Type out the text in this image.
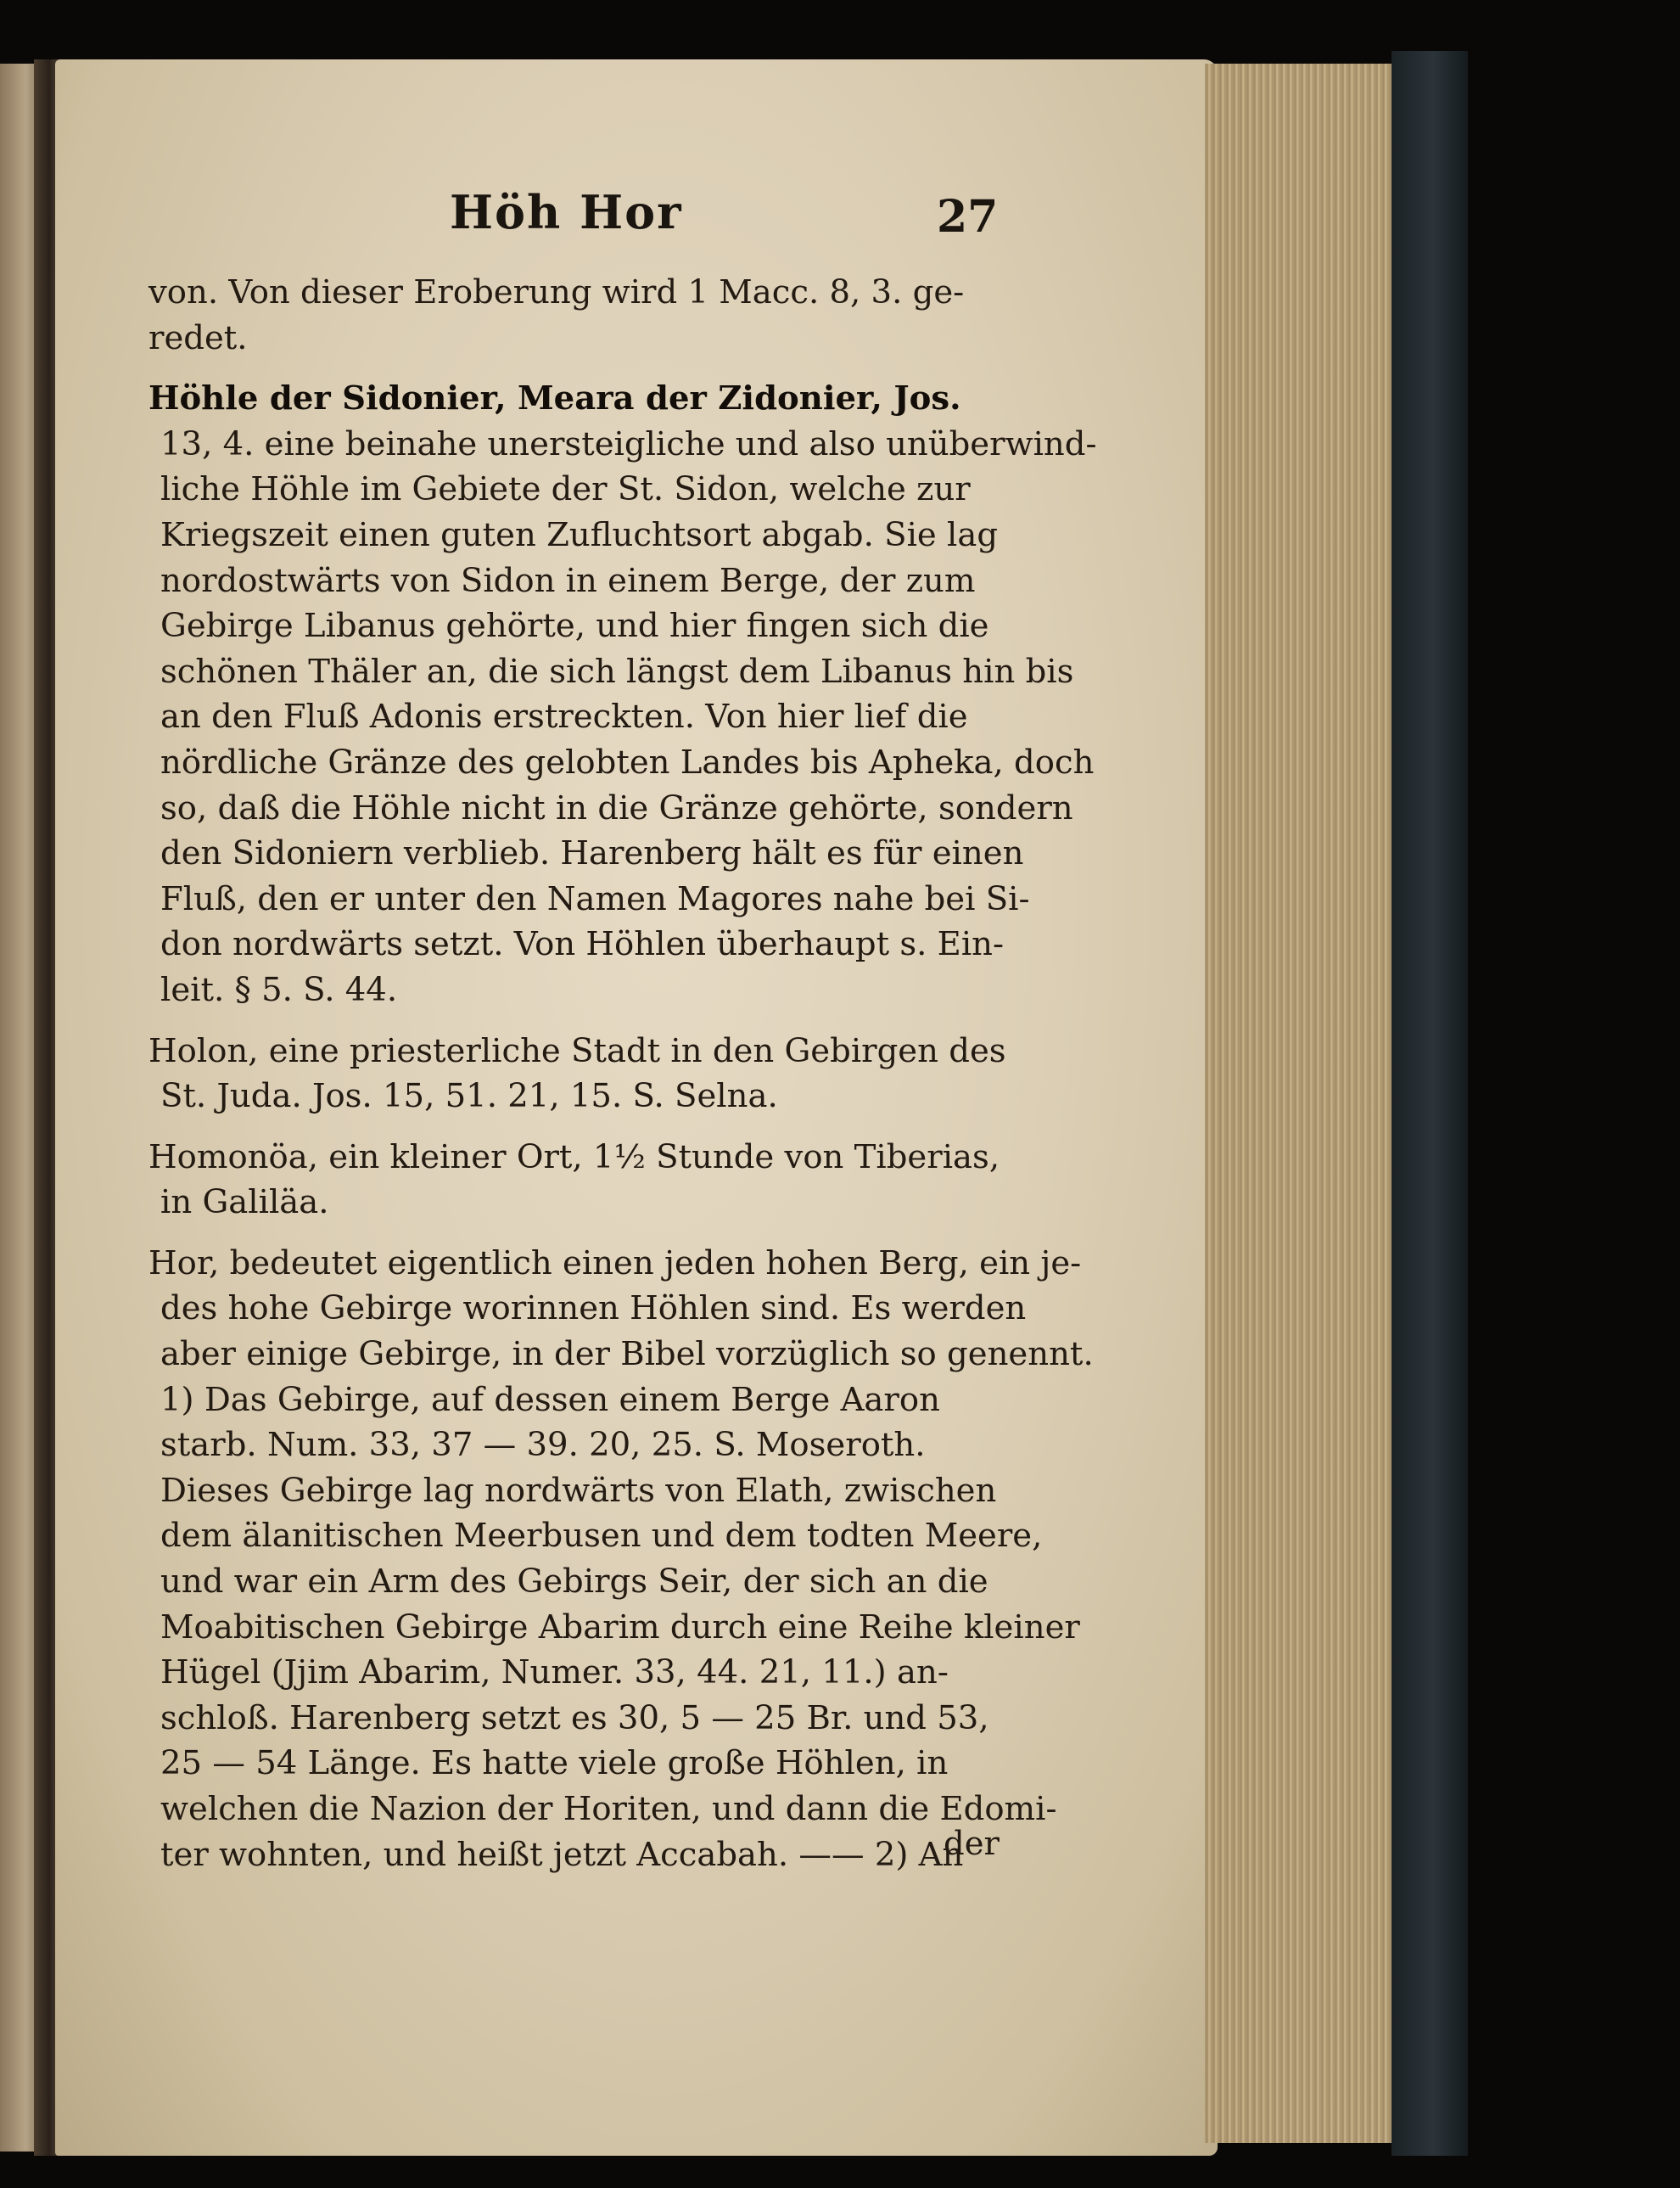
Höh Hor	27

von. Von dieser Eroberung wird 1 Macc. 8, 3. ge-
redet.

Höhle der Sidonier, Meara der Zidonier, Jos.
13, 4. eine beinahe unersteigliche und also unüberwind-
liche Höhle im Gebiete der St. Sidon, welche zur
Kriegszeit einen guten Zufluchtsort abgab. Sie lag
nordostwärts von Sidon in einem Berge, der zum
Gebirge Libanus gehörte, und hier fingen sich die
schönen Thäler an, die sich längst dem Libanus hin bis
an den Fluß Adonis erstreckten. Von hier lief die
nördliche Gränze des gelobten Landes bis Apheka, doch
so, daß die Höhle nicht in die Gränze gehörte, sondern
den Sidoniern verblieb. Harenberg hält es für einen
Fluß, den er unter den Namen Magores nahe bei Si-
don nordwärts setzt. Von Höhlen überhaupt s. Ein-
leit. § 5. S. 44.

Holon, eine priesterliche Stadt in den Gebirgen des
St. Juda. Jos. 15, 51. 21, 15. S. Selna.

Homonöa, ein kleiner Ort, 1½ Stunde von Tiberias,
in Galiläa.

Hor, bedeutet eigentlich einen jeden hohen Berg, ein je-
des hohe Gebirge worinnen Höhlen sind. Es werden
aber einige Gebirge, in der Bibel vorzüglich so genennt.
1) Das Gebirge, auf dessen einem Berge Aaron
starb. Num. 33, 37 — 39. 20, 25. S. Moseroth.
Dieses Gebirge lag nordwärts von Elath, zwischen
dem älanitischen Meerbusen und dem todten Meere,
und war ein Arm des Gebirgs Seir, der sich an die
Moabitischen Gebirge Abarim durch eine Reihe kleiner
Hügel (Jjim Abarim, Numer. 33, 44. 21, 11.) an-
schloß. Harenberg setzt es 30, 5 — 25 Br. und 53,
25 — 54 Länge. Es hatte viele große Höhlen, in
welchen die Nazion der Horiten, und dann die Edomi-
ter wohnten, und heißt jetzt Accabah. —— 2) An

der
